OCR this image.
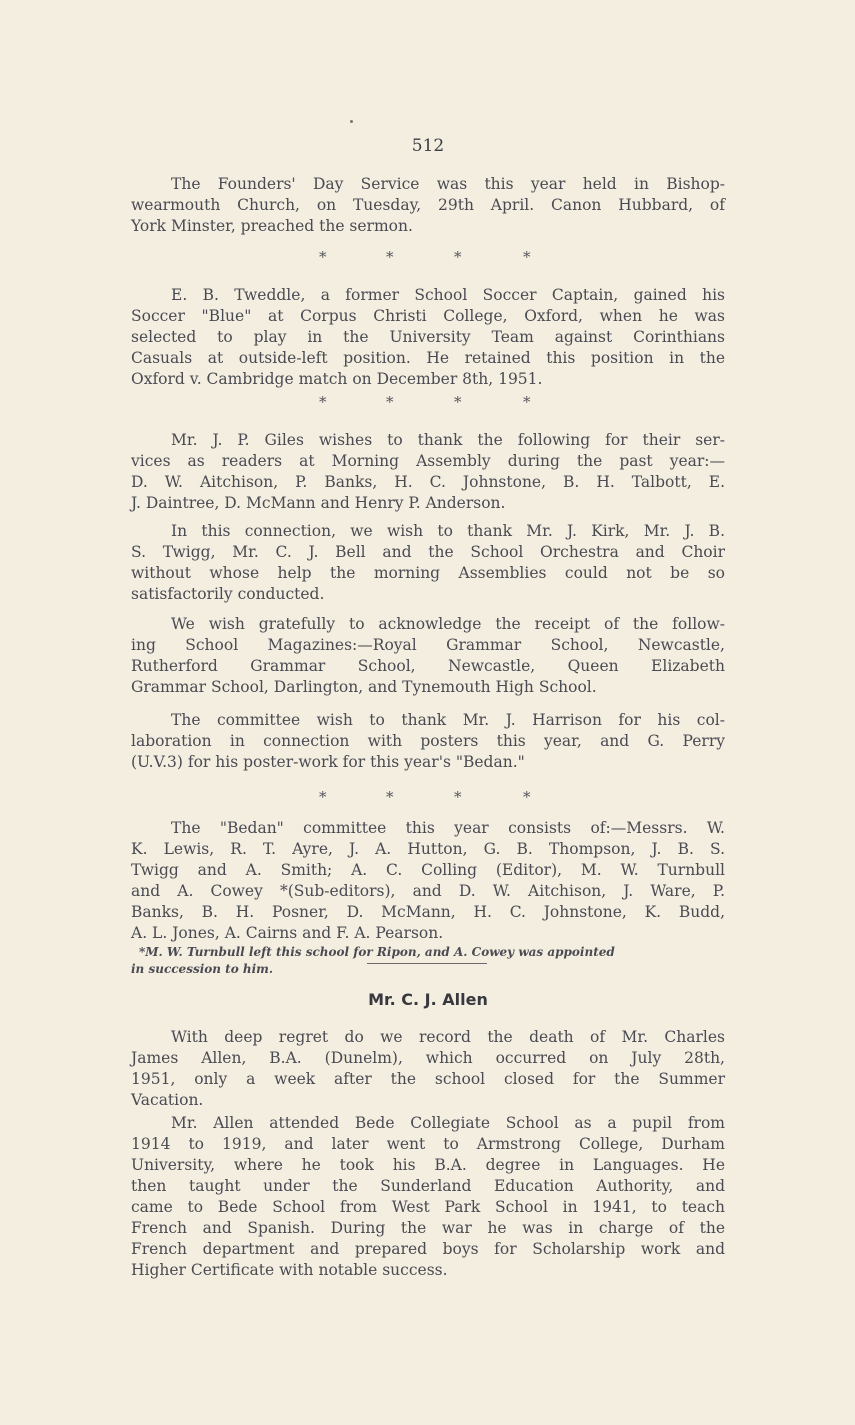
512

The Founders' Day Service was this year held in Bishop-
wearmouth Church, on Tuesday, 29th April. Canon Hubbard, of
York Minster, preached the sermon.

*	*	*	*

E. B. Tweddle, a former School Soccer Captain, gained his
Soccer "Blue" at Corpus Christi College, Oxford, when he was
selected to play in the University Team against Corinthians
Casuals at outside-left position. He retained this position in the
Oxford v. Cambridge match on December 8th, 1951.

*	*	*	*

Mr. J. P. Giles wishes to thank the following for their ser-
vices as readers at Morning Assembly during the past year:—
D. W. Aitchison, P. Banks, H. C. Johnstone, B. H. Talbott, E.
J. Daintree, D. McMann and Henry P. Anderson.

In this connection, we wish to thank Mr. J. Kirk, Mr. J. B.
S. Twigg, Mr. C. J. Bell and the School Orchestra and Choir
without whose help the morning Assemblies could not be so
satisfactorily conducted.

We wish gratefully to acknowledge the receipt of the follow-
ing School Magazines:—Royal Grammar School, Newcastle,
Rutherford Grammar School, Newcastle, Queen Elizabeth
Grammar School, Darlington, and Tynemouth High School.

The committee wish to thank Mr. J. Harrison for his col-
laboration in connection with posters this year, and G. Perry
(U.V.3) for his poster-work for this year's "Bedan."

*	*	*	*

The "Bedan" committee this year consists of:—Messrs. W.
K. Lewis, R. T. Ayre, J. A. Hutton, G. B. Thompson, J. B. S.
Twigg and A. Smith; A. C. Colling (Editor), M. W. Turnbull
and A. Cowey *(Sub-editors), and D. W. Aitchison, J. Ware, P.
Banks, B. H. Posner, D. McMann, H. C. Johnstone, K. Budd,
A. L. Jones, A. Cairns and F. A. Pearson.

*M. W. Turnbull left this school for Ripon, and A. Cowey was appointed
in succession to him.

Mr. C. J. Allen

With deep regret do we record the death of Mr. Charles
James Allen, B.A. (Dunelm), which occurred on July 28th,
1951, only a week after the school closed for the Summer
Vacation.

Mr. Allen attended Bede Collegiate School as a pupil from
1914 to 1919, and later went to Armstrong College, Durham
University, where he took his B.A. degree in Languages. He
then taught under the Sunderland Education Authority, and
came to Bede School from West Park School in 1941, to teach
French and Spanish. During the war he was in charge of the
French department and prepared boys for Scholarship work and
Higher Certificate with notable success.
